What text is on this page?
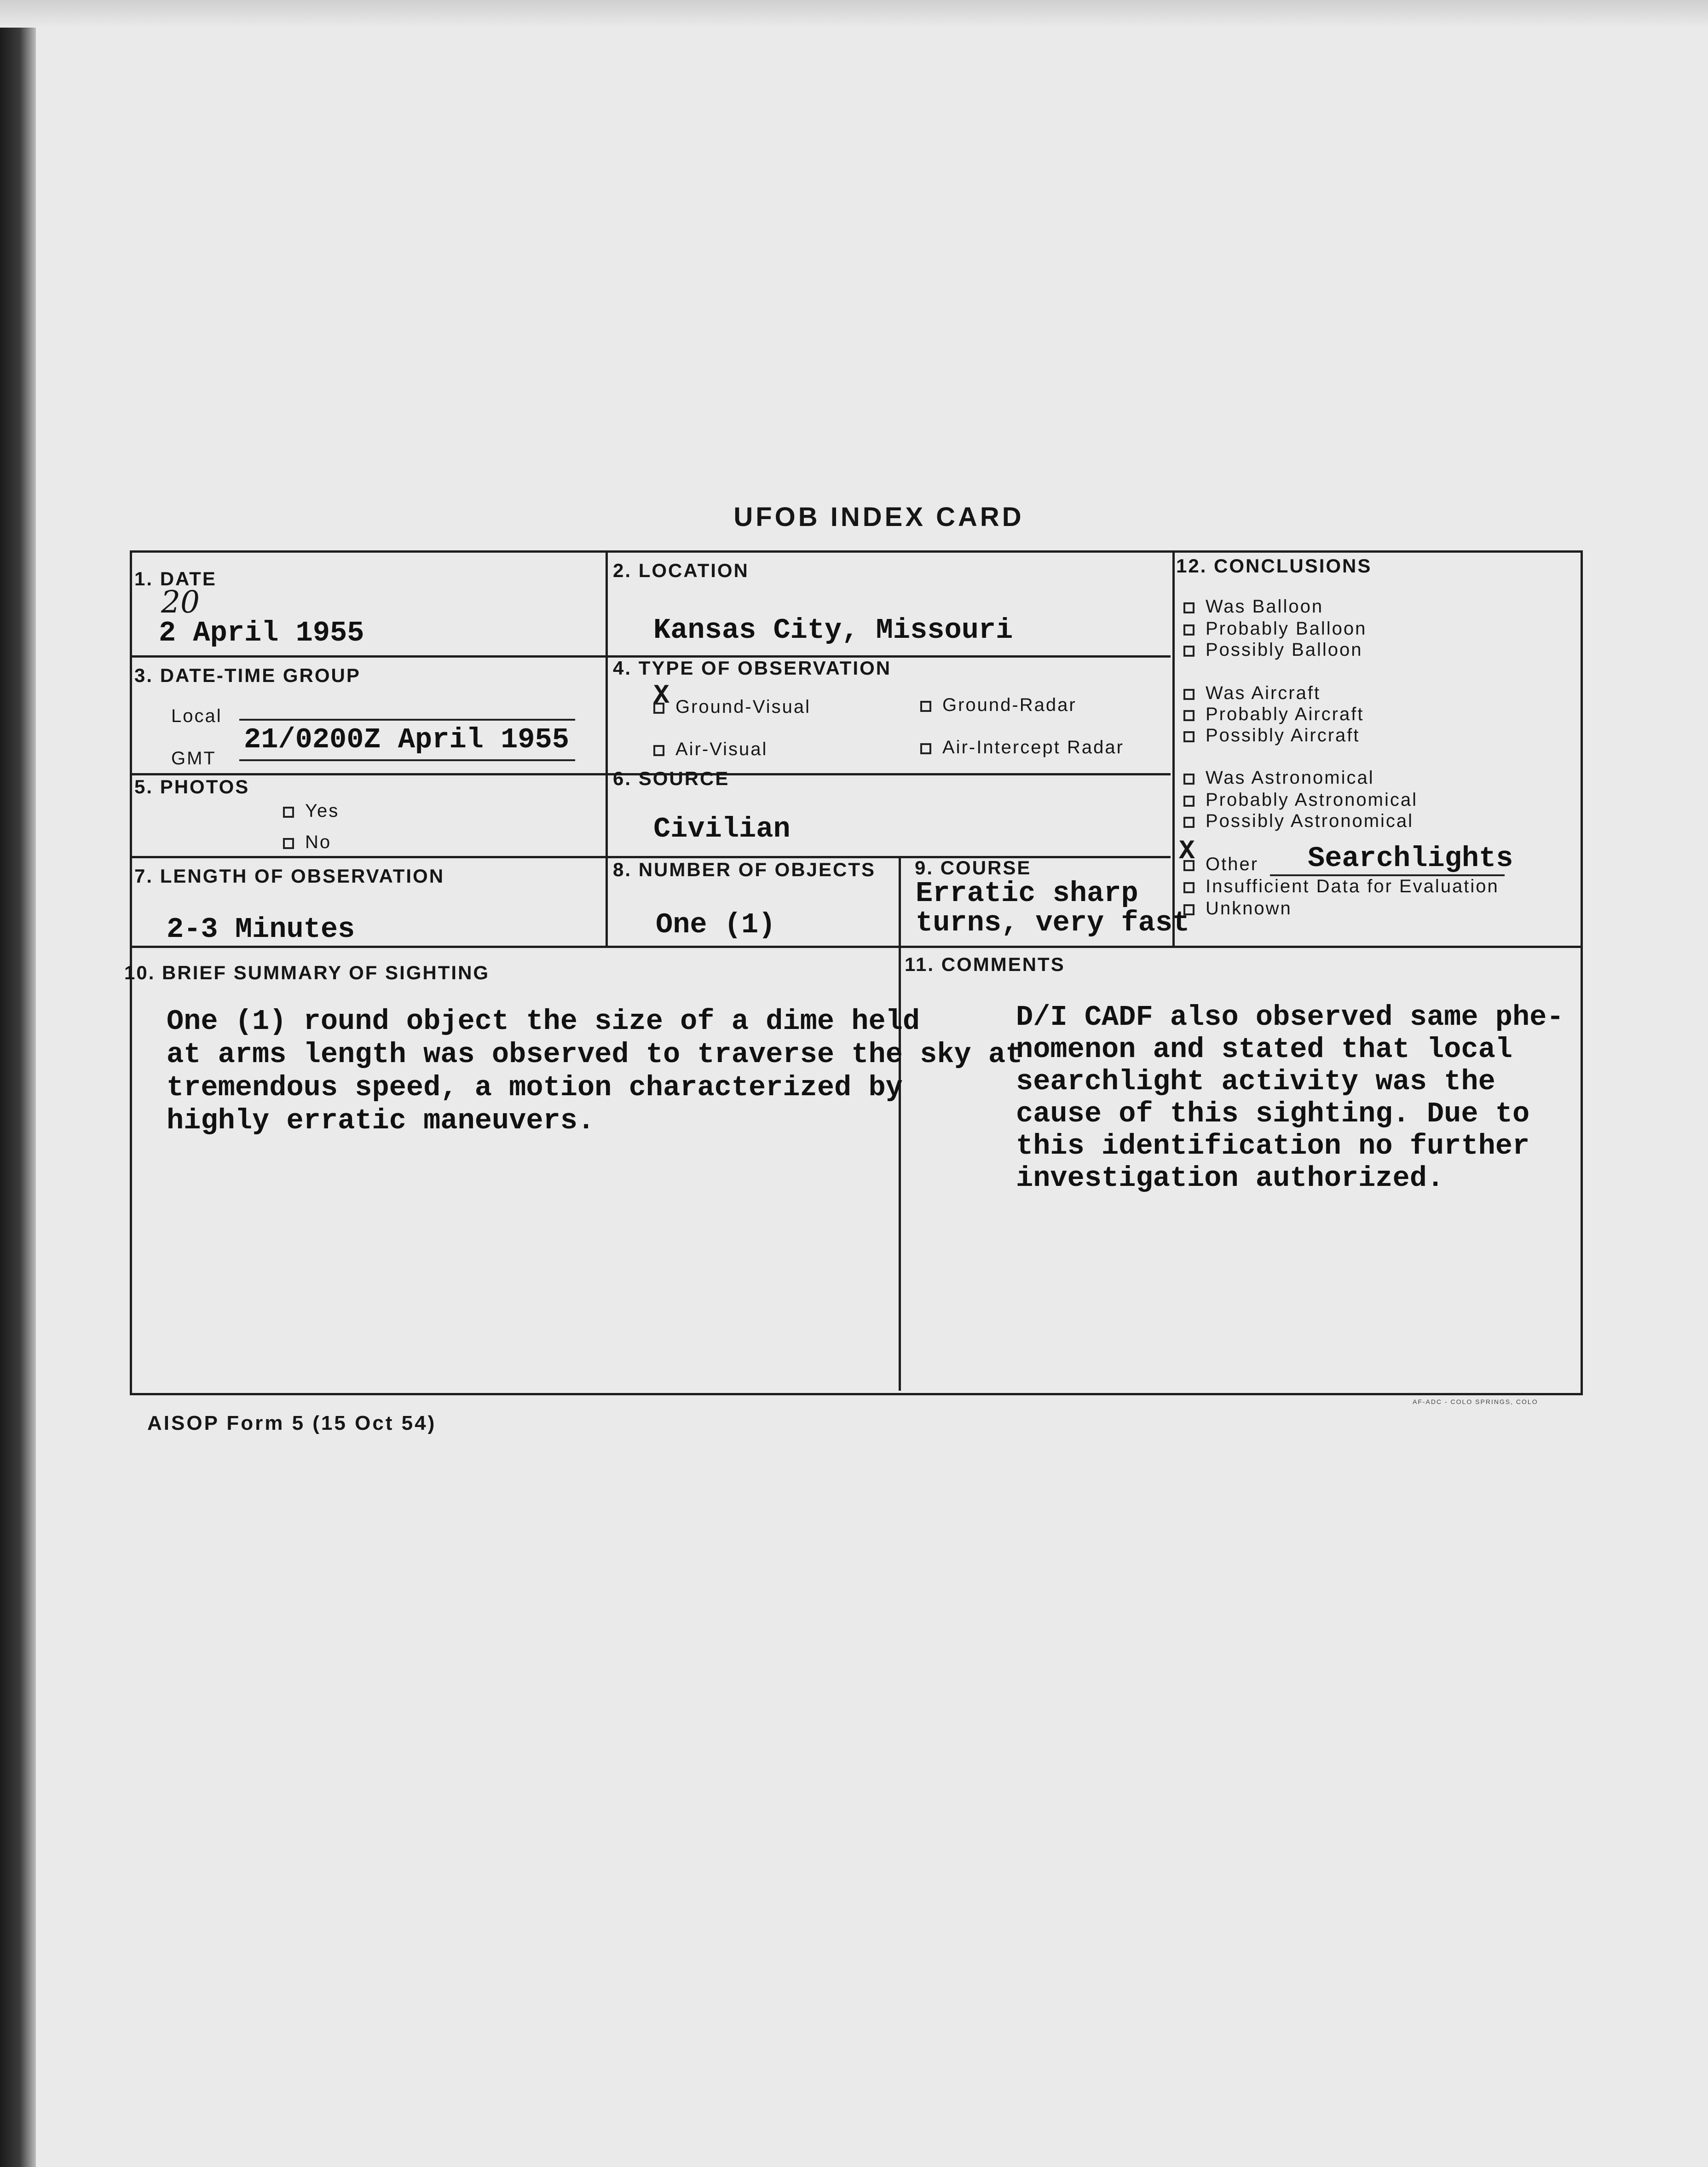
UFOB INDEX CARD
1. DATE
20
2 April 1955
2. LOCATION
Kansas City, Missouri
3. DATE-TIME GROUP
Local
GMT
21/0200Z April 1955
4. TYPE OF OBSERVATION
X Ground-Visual	Ground-Radar
Air-Visual	Air-Intercept Radar
5. PHOTOS
Yes
No
6. SOURCE
Civilian
7. LENGTH OF OBSERVATION
2-3 Minutes
8. NUMBER OF OBJECTS
One (1)
9. COURSE
Erratic sharp
turns, very fast
12. CONCLUSIONS
Was Balloon
Probably Balloon
Possibly Balloon
Was Aircraft
Probably Aircraft
Possibly Aircraft
Was Astronomical
Probably Astronomical
Possibly Astronomical
X Other Searchlights
Insufficient Data for Evaluation
Unknown
10. BRIEF SUMMARY OF SIGHTING
One (1) round object the size of a dime held
at arms length was observed to traverse the sky at
tremendous speed, a motion characterized by
highly erratic maneuvers.
11. COMMENTS
D/I CADF also observed same phe-
nomenon and stated that local
searchlight activity was the
cause of this sighting. Due to
this identification no further
investigation authorized.
AISOP Form 5 (15 Oct 54)
AF-ADC - COLO SPRINGS, COLO
